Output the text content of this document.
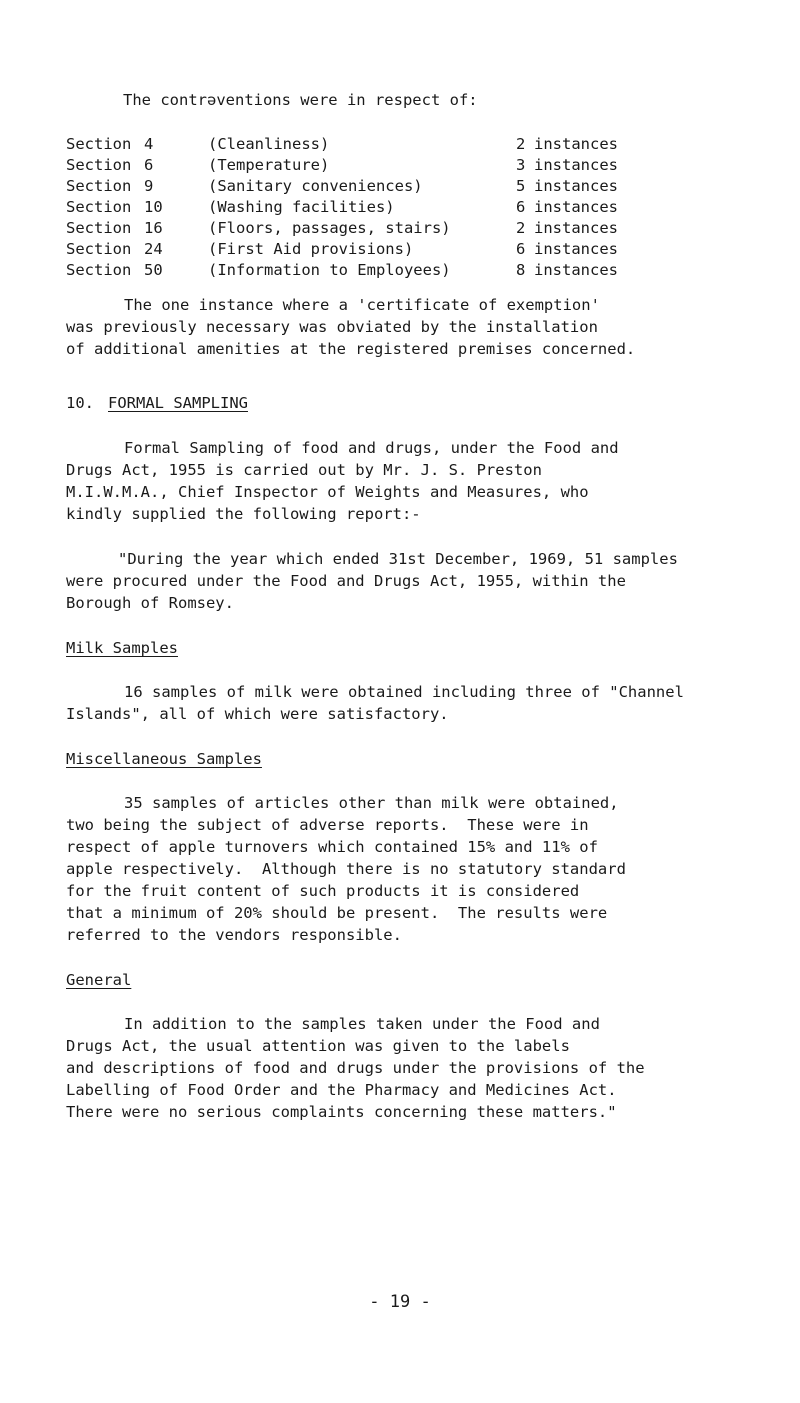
The contrəventions were in respect of:
Section	4	(Cleanliness)	2	instances
Section	6	(Temperature)	3	instances
Section	9	(Sanitary conveniences)	5	instances
Section	10	(Washing facilities)	6	instances
Section	16	(Floors, passages, stairs)	2	instances
Section	24	(First Aid provisions)	6	instances
Section	50	(Information to Employees)	8	instances
The one instance where a 'certificate of exemption'
was previously necessary was obviated by the installation
of additional amenities at the registered premises concerned.
10. FORMAL SAMPLING
Formal Sampling of food and drugs, under the Food and
Drugs Act, 1955 is carried out by Mr. J. S. Preston
M.I.W.M.A., Chief Inspector of Weights and Measures, who
kindly supplied the following report:-
"During the year which ended 31st December, 1969, 51 samples
were procured under the Food and Drugs Act, 1955, within the
Borough of Romsey.
Milk Samples
16 samples of milk were obtained including three of "Channel
Islands", all of which were satisfactory.
Miscellaneous Samples
35 samples of articles other than milk were obtained,
two being the subject of adverse reports.  These were in
respect of apple turnovers which contained 15% and 11% of
apple respectively.  Although there is no statutory standard
for the fruit content of such products it is considered
that a minimum of 20% should be present.  The results were
referred to the vendors responsible.
General
In addition to the samples taken under the Food and
Drugs Act, the usual attention was given to the labels
and descriptions of food and drugs under the provisions of the
Labelling of Food Order and the Pharmacy and Medicines Act.
There were no serious complaints concerning these matters."
- 19 -
